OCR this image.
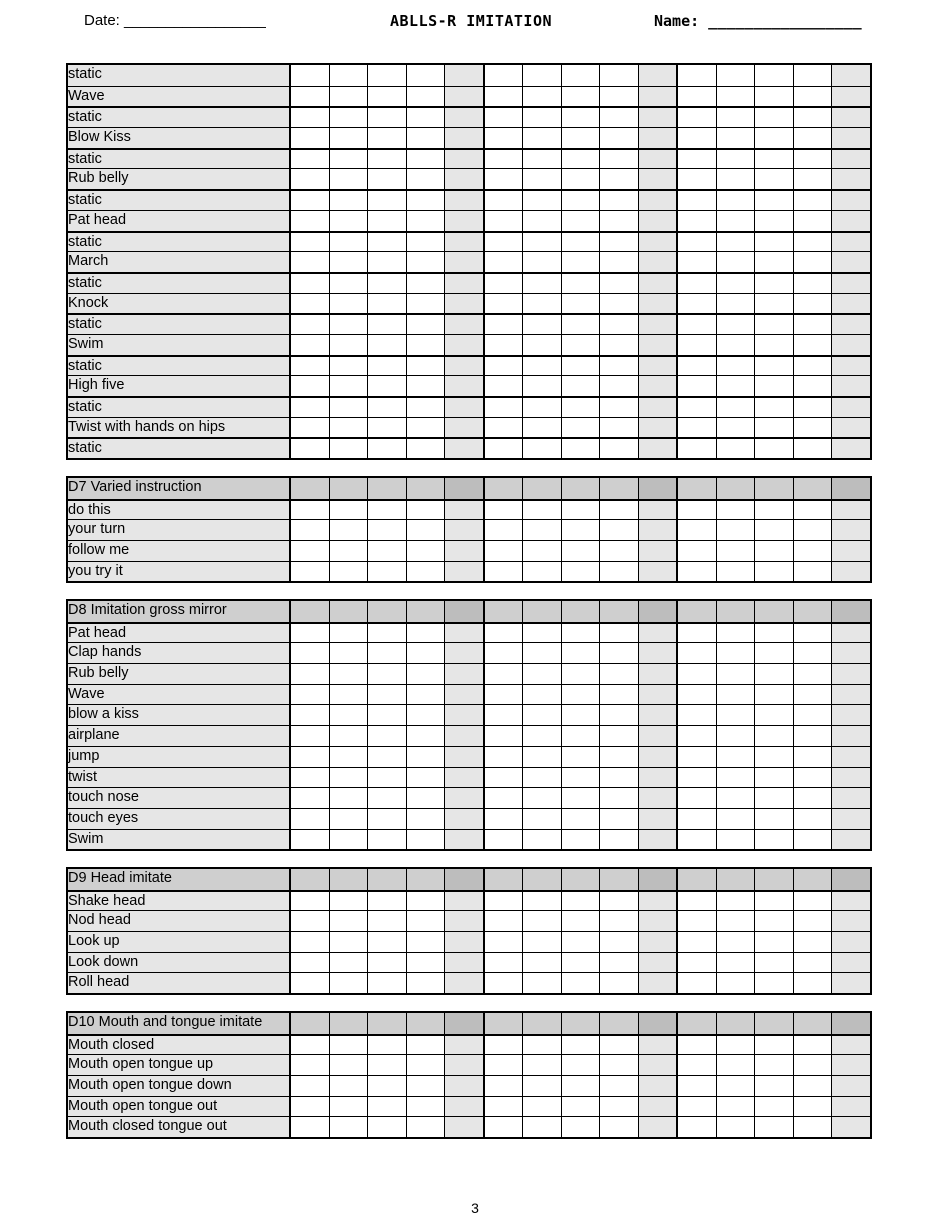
Date: _________________	ABLLS-R IMITATION	Name: _________________
static
Wave
static
Blow Kiss
static
Rub belly
static
Pat head
static
March
static
Knock
static
Swim
static
High five
static
Twist with hands on hips
static
D7 Varied instruction
do this
your turn
follow me
you try it
D8 Imitation gross mirror
Pat head
Clap hands
Rub belly
Wave
blow a kiss
airplane
jump
twist
touch nose
touch eyes
Swim
D9 Head imitate
Shake head
Nod head
Look up
Look down
Roll head
D10 Mouth and tongue imitate
Mouth closed
Mouth open tongue up
Mouth open tongue down
Mouth open tongue out
Mouth closed tongue out
3
